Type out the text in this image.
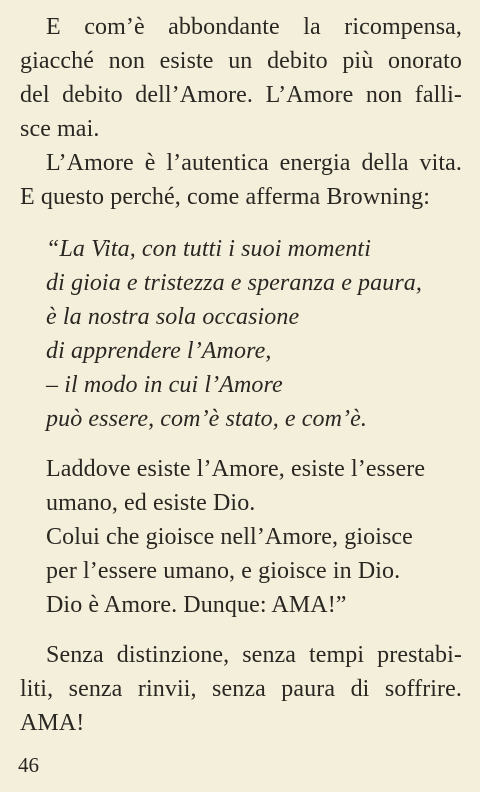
E com’è abbondante la ricompensa,
giacché non esiste un debito più onorato
del debito dell’Amore. L’Amore non falli-
sce mai.
L’Amore è l’autentica energia della vita.
E questo perché, come afferma Browning:
“La Vita, con tutti i suoi momenti
di gioia e tristezza e speranza e paura,
è la nostra sola occasione
di apprendere l’Amore,
– il modo in cui l’Amore
può essere, com’è stato, e com’è.
Laddove esiste l’Amore, esiste l’essere
umano, ed esiste Dio.
Colui che gioisce nell’Amore, gioisce
per l’essere umano, e gioisce in Dio.
Dio è Amore. Dunque: AMA!”
Senza distinzione, senza tempi prestabi-
liti, senza rinvii, senza paura di soffrire.
AMA!
46
